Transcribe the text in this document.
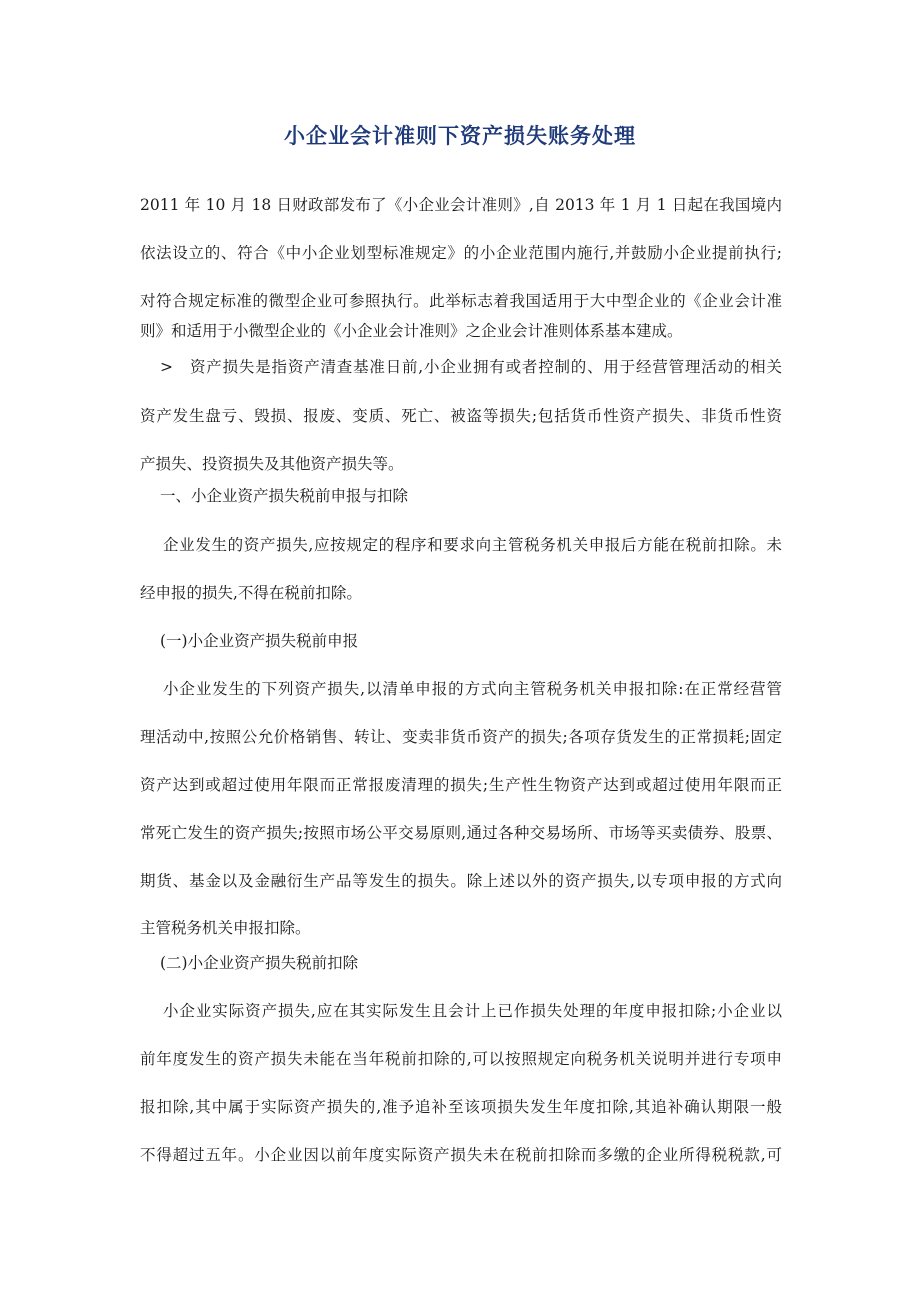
小企业会计准则下资产损失账务处理
>

2011 年 10 月 18 日财政部发布了《小企业会计准则》,自 2013 年 1 月 1 日起在我国境内

依法设立的、符合《中小企业划型标准规定》的小企业范围内施行,并鼓励小企业提前执行;

对符合规定标准的微型企业可参照执行。此举标志着我国适用于大中型企业的《企业会计准

则》和适用于小微型企业的《小企业会计准则》之企业会计准则体系基本建成。

资产损失是指资产清查基准日前,小企业拥有或者控制的、用于经营管理活动的相关

资产发生盘亏、毁损、报废、变质、死亡、被盗等损失;包括货币性资产损失、非货币性资

产损失、投资损失及其他资产损失等。

一、小企业资产损失税前申报与扣除

企业发生的资产损失,应按规定的程序和要求向主管税务机关申报后方能在税前扣除。未

经申报的损失,不得在税前扣除。

(一)小企业资产损失税前申报

小企业发生的下列资产损失,以清单申报的方式向主管税务机关申报扣除:在正常经营管

理活动中,按照公允价格销售、转让、变卖非货币资产的损失;各项存货发生的正常损耗;固定

资产达到或超过使用年限而正常报废清理的损失;生产性生物资产达到或超过使用年限而正

常死亡发生的资产损失;按照市场公平交易原则,通过各种交易场所、市场等买卖债券、股票、

期货、基金以及金融衍生产品等发生的损失。除上述以外的资产损失,以专项申报的方式向

主管税务机关申报扣除。

(二)小企业资产损失税前扣除

小企业实际资产损失,应在其实际发生且会计上已作损失处理的年度申报扣除;小企业以

前年度发生的资产损失未能在当年税前扣除的,可以按照规定向税务机关说明并进行专项申

报扣除,其中属于实际资产损失的,准予追补至该项损失发生年度扣除,其追补确认期限一般

不得超过五年。小企业因以前年度实际资产损失未在税前扣除而多缴的企业所得税税款,可
